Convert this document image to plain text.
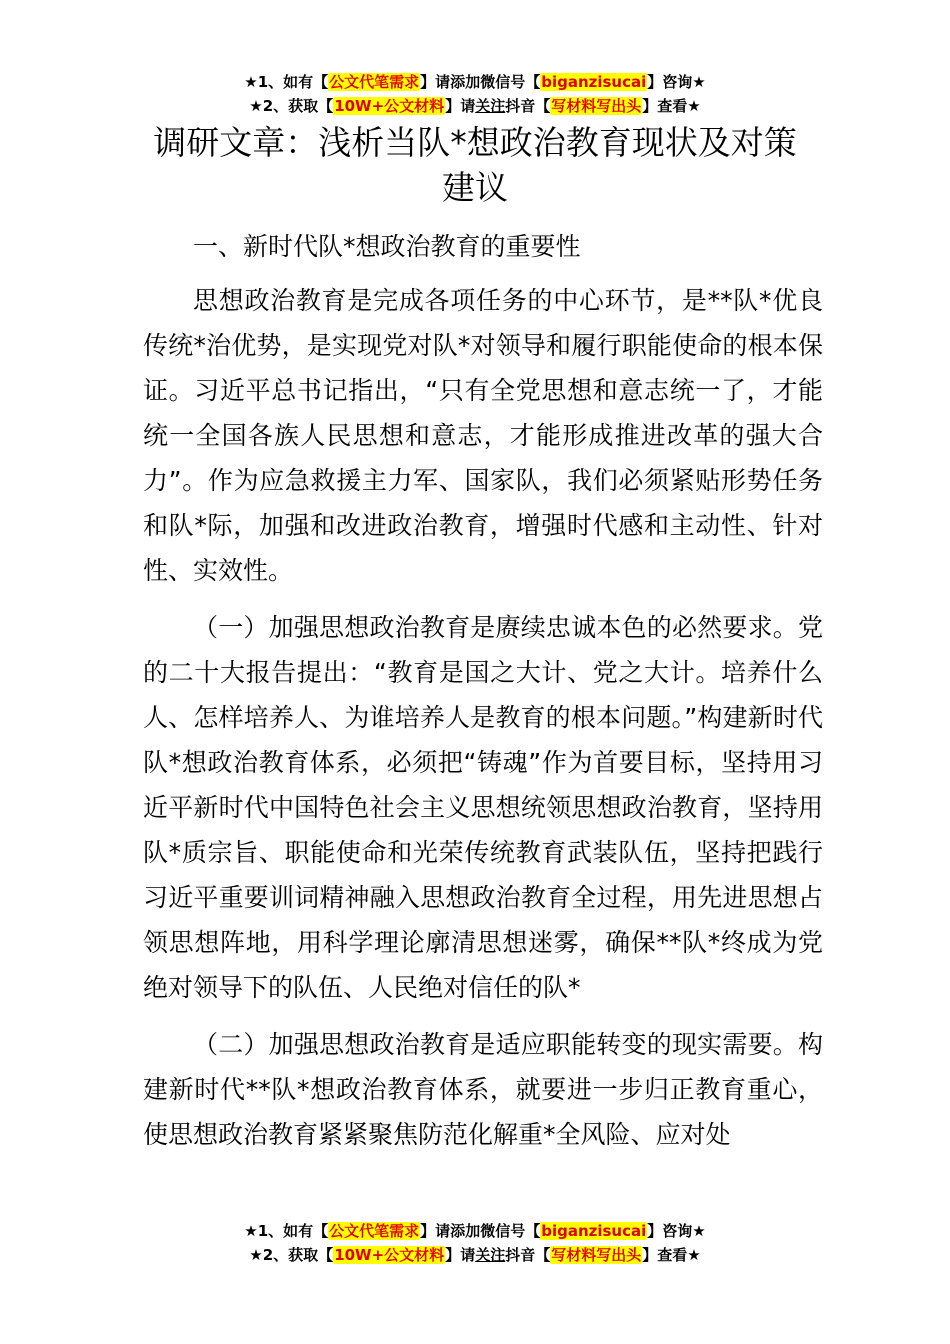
★1、如有【公文代笔需求】请添加微信号【biganzisucai】咨询★
★2、获取【10W+公文材料】请关注抖音【写材料写出头】查看★
调研文章：浅析当队*想政治教育现状及对策建议

一、新时代队*想政治教育的重要性

思想政治教育是完成各项任务的中心环节，是**队*优良传统*治优势，是实现党对队*对领导和履行职能使命的根本保证。习近平总书记指出，“只有全党思想和意志统一了，才能统一全国各族人民思想和意志，才能形成推进改革的强大合力”。作为应急救援主力军、国家队，我们必须紧贴形势任务和队*际，加强和改进政治教育，增强时代感和主动性、针对性、实效性。

（一）加强思想政治教育是赓续忠诚本色的必然要求。党的二十大报告提出：“教育是国之大计、党之大计。培养什么人、怎样培养人、为谁培养人是教育的根本问题。”构建新时代队*想政治教育体系，必须把“铸魂”作为首要目标，坚持用习近平新时代中国特色社会主义思想统领思想政治教育，坚持用队*质宗旨、职能使命和光荣传统教育武装队伍，坚持把践行习近平重要训词精神融入思想政治教育全过程，用先进思想占领思想阵地，用科学理论廓清思想迷雾，确保**队*终成为党绝对领导下的队伍、人民绝对信任的队*

（二）加强思想政治教育是适应职能转变的现实需要。构建新时代**队*想政治教育体系，就要进一步归正教育重心，使思想政治教育紧紧聚焦防范化解重*全风险、应对处

★1、如有【公文代笔需求】请添加微信号【biganzisucai】咨询★
★2、获取【10W+公文材料】请关注抖音【写材料写出头】查看★
